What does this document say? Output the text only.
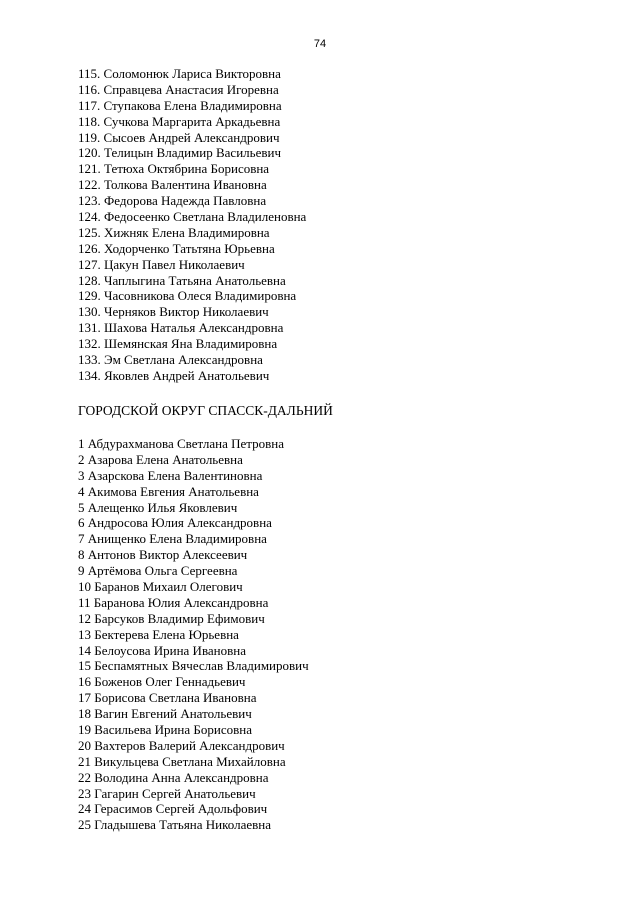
74
115. Соломонюк Лариса Викторовна
116. Справцева Анастасия Игоревна
117. Ступакова Елена Владимировна
118. Сучкова Маргарита Аркадьевна
119. Сысоев Андрей Александрович
120. Телицын Владимир Васильевич
121. Тетюха Октябрина Борисовна
122. Толкова Валентина Ивановна
123. Федорова Надежда Павловна
124. Федосеенко Светлана Владиленовна
125. Хижняк Елена Владимировна
126. Ходорченко Татьтяна Юрьевна
127. Цакун Павел Николаевич
128. Чаплыгина Татьяна Анатольевна
129. Часовникова Олеся Владимировна
130. Черняков Виктор Николаевич
131. Шахова Наталья Александровна
132. Шемянская Яна Владимировна
133. Эм Светлана Александровна
134. Яковлев Андрей Анатольевич
ГОРОДСКОЙ ОКРУГ СПАССК-ДАЛЬНИЙ
1 Абдурахманова Светлана Петровна
2 Азарова Елена Анатольевна
3 Азарскова Елена Валентиновна
4 Акимова Евгения Анатольевна
5 Алещенко Илья Яковлевич
6 Андросова Юлия Александровна
7 Анищенко Елена Владимировна
8 Антонов Виктор Алексеевич
9 Артёмова Ольга Сергеевна
10 Баранов Михаил Олегович
11 Баранова Юлия Александровна
12 Барсуков Владимир Ефимович
13 Бектерева Елена Юрьевна
14 Белоусова Ирина Ивановна
15 Беспамятных Вячеслав Владимирович
16 Боженов Олег Геннадьевич
17 Борисова Светлана Ивановна
18 Вагин Евгений Анатольевич
19 Васильева Ирина Борисовна
20 Вахтеров Валерий Александрович
21 Викульцева Светлана Михайловна
22 Володина Анна Александровна
23 Гагарин Сергей Анатольевич
24 Герасимов Сергей Адольфович
25 Гладышева Татьяна Николаевна
